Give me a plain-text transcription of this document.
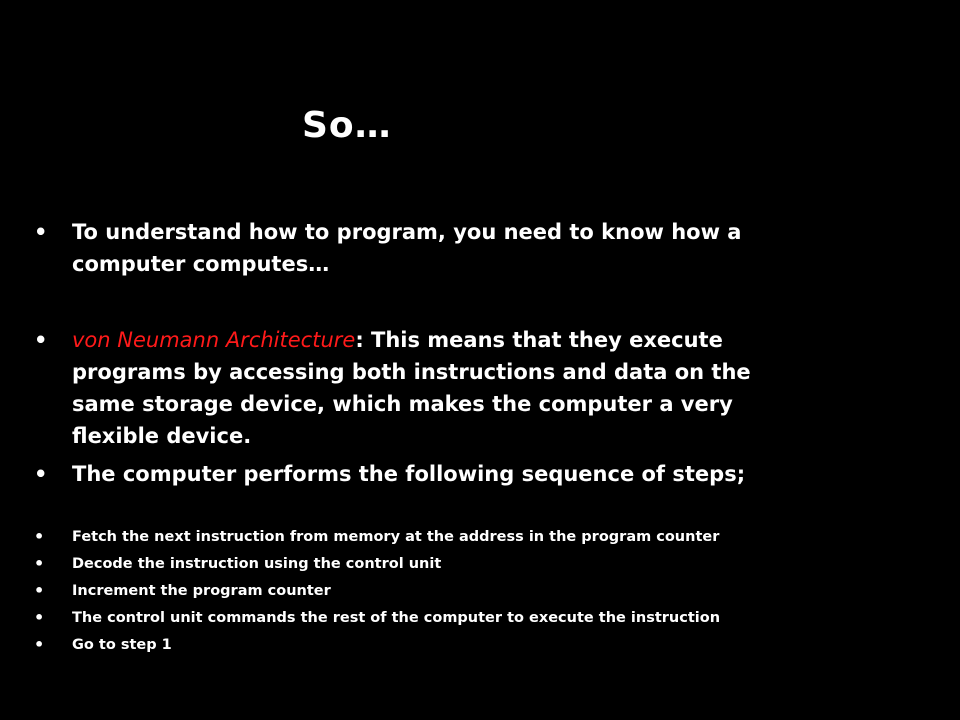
So…
• To understand how to program, you need to know how a computer computes…
• von Neumann Architecture: This means that they execute programs by accessing both instructions and data on the same storage device, which makes the computer a very flexible device.
• The computer performs the following sequence of steps;
• Fetch the next instruction from memory at the address in the program counter
• Decode the instruction using the control unit
• Increment the program counter
• The control unit commands the rest of the computer to execute the instruction
• Go to step 1
